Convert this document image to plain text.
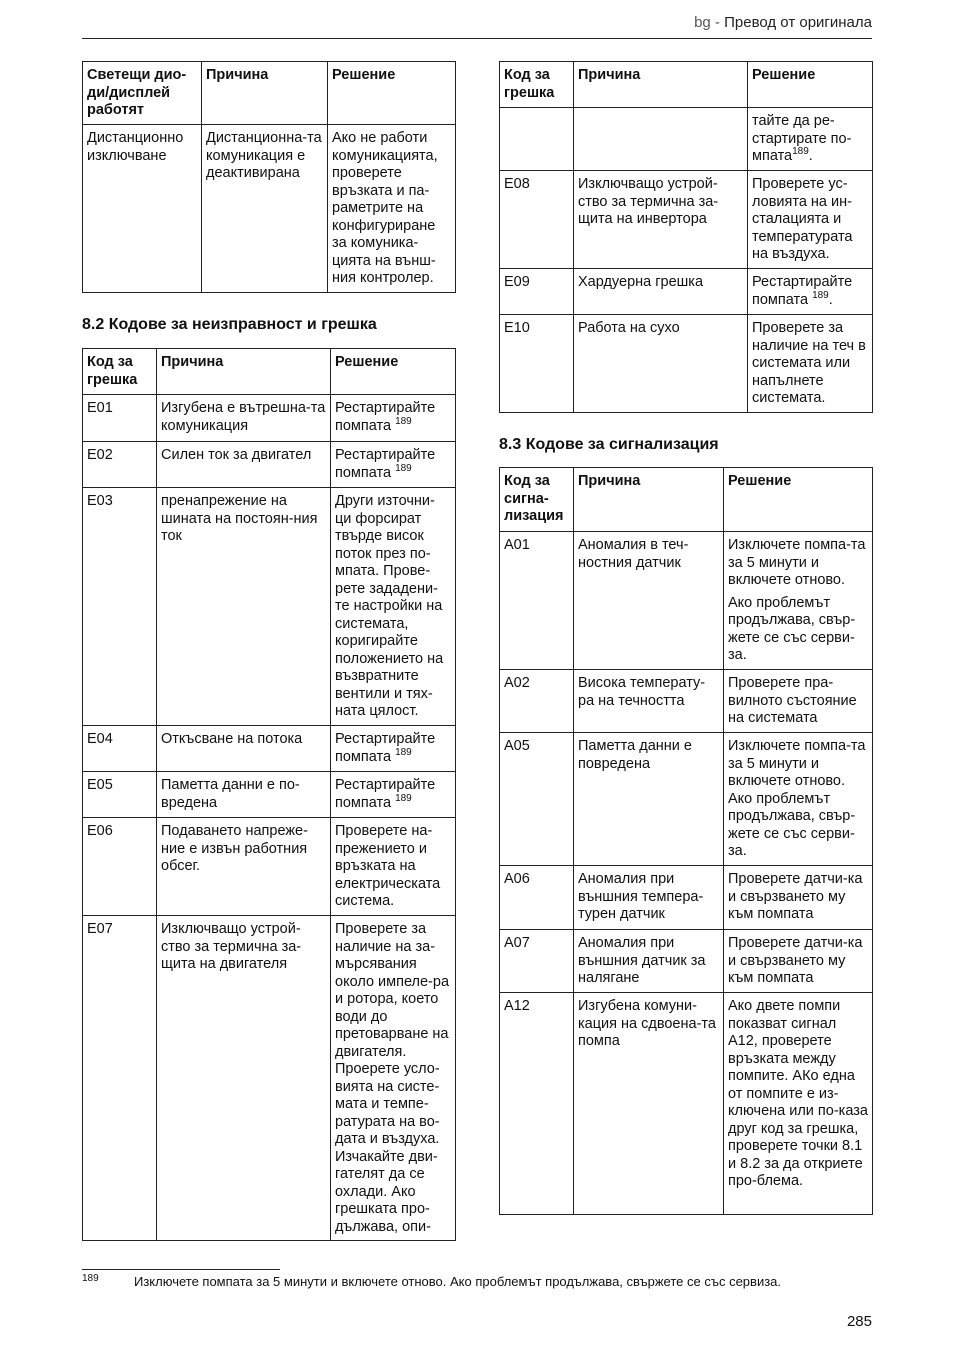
bg - Превод от оригинала
Светещи дио-ди/дисплей работят	Причина	Решение
Дистанционно изключване	Дистанционна-та комуникация е деактивирана	Ако не работи комуникацията, проверете връзката и па-раметрите на конфигуриране за комуника-цията на външ-ния контролер.
8.2 Кодове за неизправност и грешка
Код за грешка	Причина	Решение
E01	Изгубена е вътрешна-та комуникация	Рестартирайте помпата $^{189}$
E02	Силен ток за двигател	Рестартирайте помпата $^{189}$
E03	пренапрежение на шината на постоян-ния ток	Други източни-ци форсират твърде висок поток през по-мпата. Прове-рете зададени-те настройки на системата, коригирайте положението на възвратните вентили и тях-ната цялост.
E04	Откъсване на потока	Рестартирайте помпата $^{189}$
E05	Паметта данни е по-вредена	Рестартирайте помпата $^{189}$
E06	Подаването напреже-ние е извън работния обсег.	Проверете на-прежението и връзката на електрическата система.
E07	Изключващо устрой-ство за термична за-щита на двигателя	Проверете за наличие на за-мърсявания около импеле-ра и ротора, което води до претоварване на двигателя. Проерете усло-вията на систе-мата и темпе-ратурата на во-дата и въздуха. Изчакайте дви-гателят да се охлади. Ако грешката про-дължава, опи-
Код за грешка	Причина	Решение
		тайте да ре-стартирате по-мпата$^{189}$.
E08	Изключващо устрой-ство за термична за-щита на инвертора	Проверете ус-ловията на ин-сталацията и температурата на въздуха.
E09	Хардуерна грешка	Рестартирайте помпата $^{189}$.
E10	Работа на сухо	Проверете за наличие на теч в системата или напълнете системата.
8.3 Кодове за сигнализация
Код за сигна-лизация	Причина	Решение
A01	Аномалия в теч-ностния датчик	Изключете помпа-та за 5 минути и включете отново.
Ако проблемът продължава, свър-жете се със серви-за.

A02	Висока температу-ра на течността	Проверете пра-вилното състояние на системата
A05	Паметта данни е повредена	Изключете помпа-та за 5 минути и включете отново. Ако проблемът продължава, свър-жете се със серви-за.
A06	Аномалия при външния темпера-турен датчик	Проверете датчи-ка и свързването му към помпата
A07	Аномалия при външния датчик за налягане	Проверете датчи-ка и свързването му към помпата
A12	Изгубена комуни-кация на сдвоена-та помпа	Ако двете помпи показват сигнал A12, проверете връзката между помпите. АКо една от помпите е из-ключена или по-каза друг код за грешка, проверете точки 8.1 и 8.2 за да откриете про-блема.
189	Изключете помпата за 5 минути и включете отново. Ако проблемът продължава, свържете се със сервиза.
285
